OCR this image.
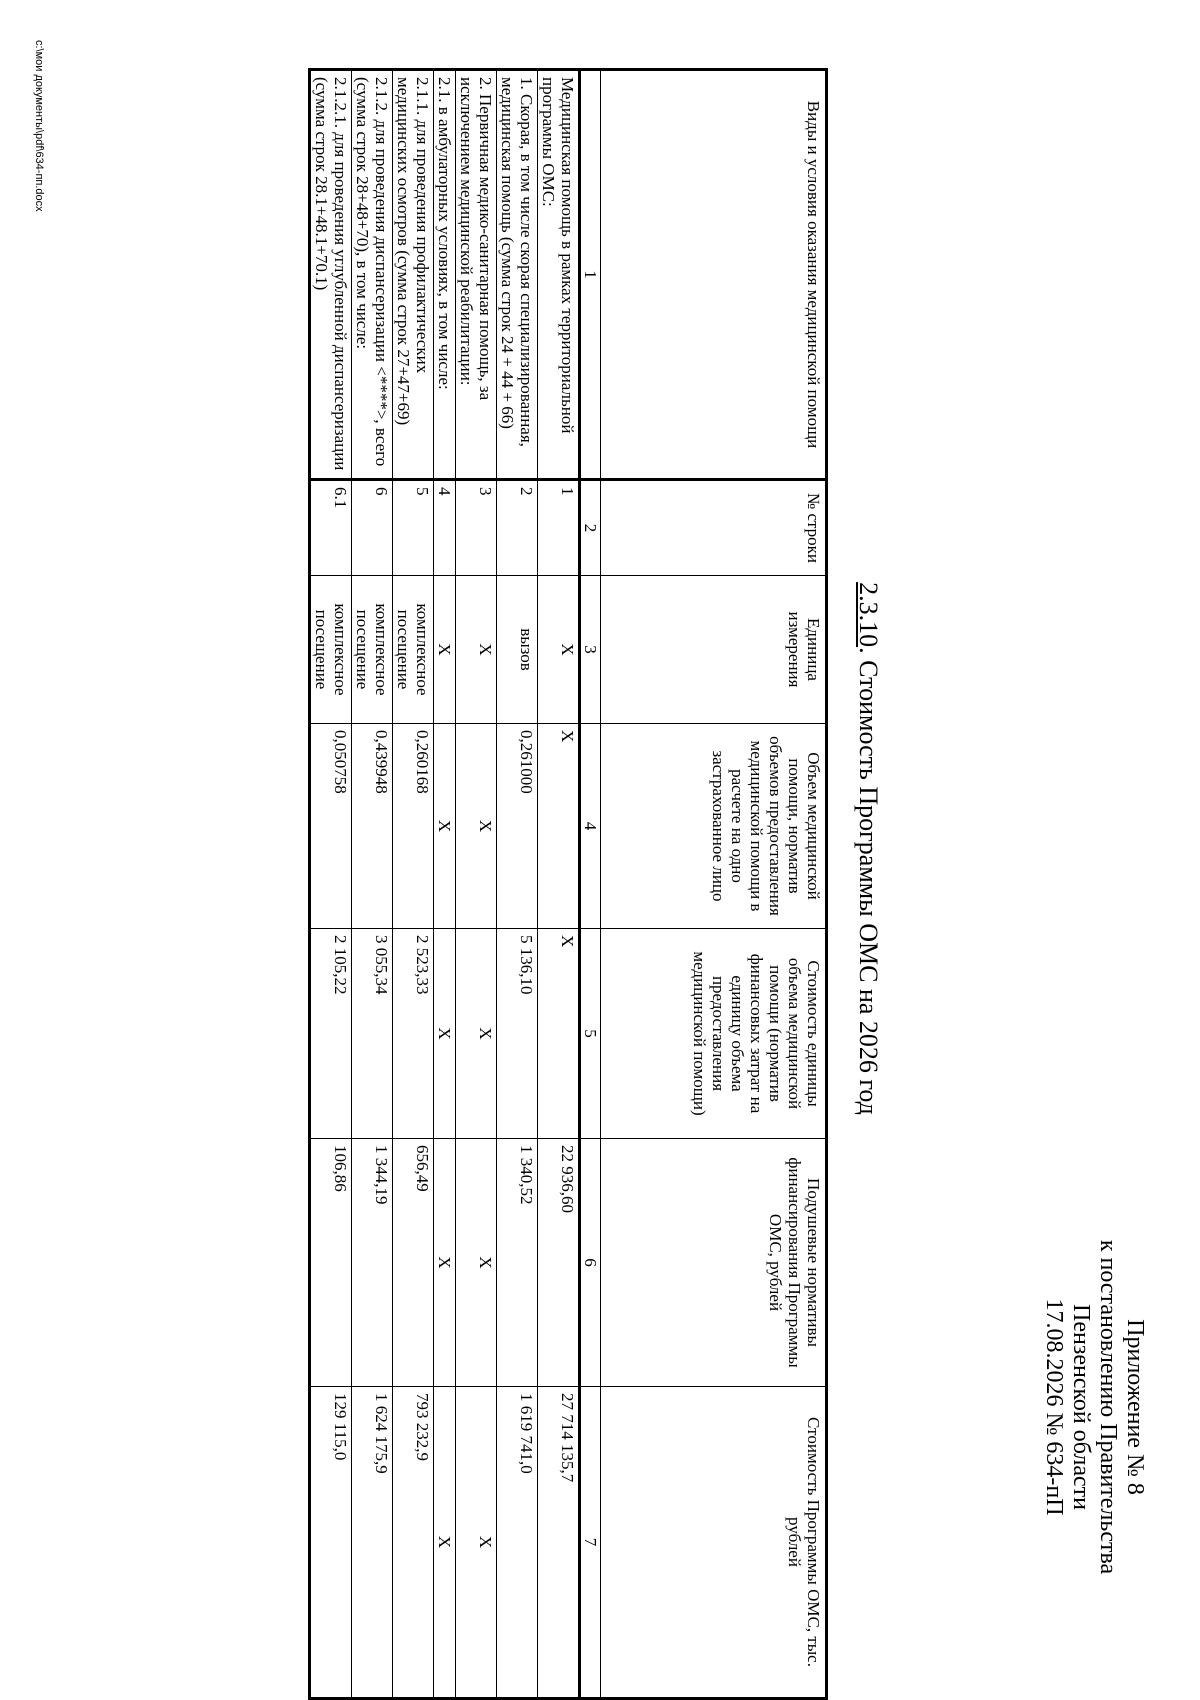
Приложение № 8
к постановлению Правительства
Пензенской области
17.08.2026 № 634-пП
2.3.10. Стоимость Программы ОМС на 2026 год
Виды и условия оказания медицинской помощи	№ строки	Единица измерения	Объем медицинской помощи, норматив объемов предоставления медицинской помощи в расчете на одно застрахованное лицо	Стоимость единицы объема медицинской помощи (норматив финансовых затрат на единицу объема предоставления медицинской помощи)	Подушевые нормативы финансирования Программы ОМС, рублей	Стоимость Программы ОМС, тыс. рублей
1	2	3	4	5	6	7
Медицинская помощь в рамках территориальной программы ОМС:	1	X	X	X	22 936,60	27 714 135,7
1. Скорая, в том числе скорая специализированная, медицинская помощь (сумма строк 24 + 44 + 66)	2	вызов	0,261000	5 136,10	1 340,52	1 619 741,0
2. Первичная медико-санитарная помощь, за исключением медицинской реабилитации:	3	X	X	X	X	X
2.1. в амбулаторных условиях, в том числе:	4	X	X	X	X	X
2.1.1. для проведения профилактических медицинских осмотров (сумма строк 27+47+69)	5	комплексное посещение	0,260168	2 523,33	656,49	793 232,9
2.1.2. для проведения диспансеризации <****>, всего (сумма строк 28+48+70), в том числе:	6	комплексное посещение	0,439948	3 055,34	1 344,19	1 624 175,9
2.1.2.1. для проведения углубленной диспансеризации (сумма строк 28.1+48.1+70.1)	6.1	комплексное посещение	0,050758	2 105,22	106,86	129 115,0
c:\мои документы\pdf\634-пп.docx
